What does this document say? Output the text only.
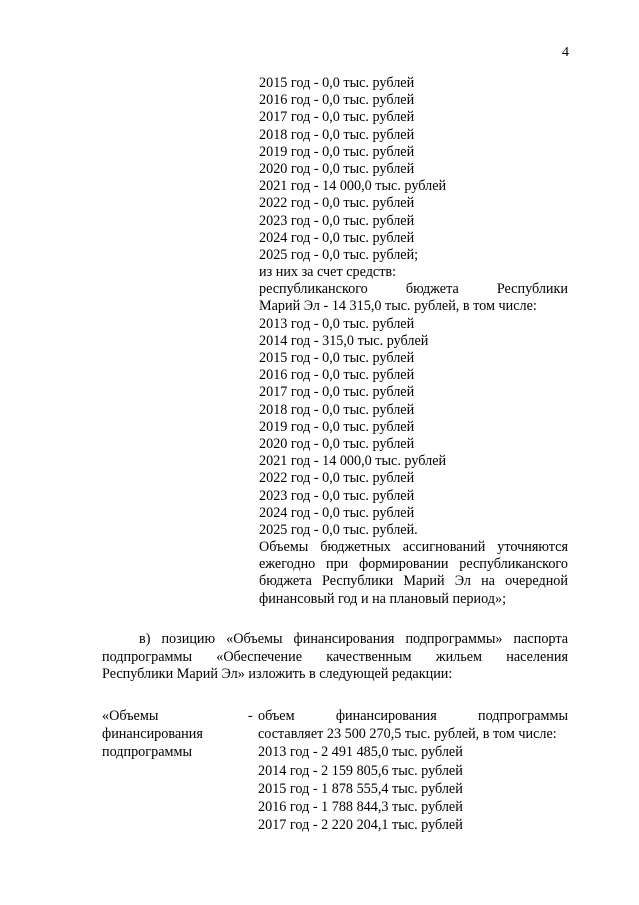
4
2015 год - 0,0 тыс. рублей
2016 год - 0,0 тыс. рублей
2017 год - 0,0 тыс. рублей
2018 год - 0,0 тыс. рублей
2019 год - 0,0 тыс. рублей
2020 год - 0,0 тыс. рублей
2021 год - 14 000,0 тыс. рублей
2022 год - 0,0 тыс. рублей
2023 год - 0,0 тыс. рублей
2024 год - 0,0 тыс. рублей
2025 год - 0,0 тыс. рублей;
из них за счет средств:
республиканского бюджета Республики
Марий Эл - 14 315,0 тыс. рублей, в том числе:
2013 год - 0,0 тыс. рублей
2014 год - 315,0 тыс. рублей
2015 год - 0,0 тыс. рублей
2016 год - 0,0 тыс. рублей
2017 год - 0,0 тыс. рублей
2018 год - 0,0 тыс. рублей
2019 год - 0,0 тыс. рублей
2020 год - 0,0 тыс. рублей
2021 год - 14 000,0 тыс. рублей
2022 год - 0,0 тыс. рублей
2023 год - 0,0 тыс. рублей
2024 год - 0,0 тыс. рублей
2025 год - 0,0 тыс. рублей.
Объемы бюджетных ассигнований уточняются
ежегодно при формировании республиканского
бюджета Республики Марий Эл на очередной
финансовый год и на плановый период»;
в) позицию «Объемы финансирования подпрограммы» паспорта
подпрограммы «Обеспечение качественным жильем населения
Республики Марий Эл» изложить в следующей редакции:
«Объемы
финансирования
подпрограммы
- объем финансирования подпрограммы
составляет 23 500 270,5 тыс. рублей, в том числе:
2013 год - 2 491 485,0 тыс. рублей
2014 год - 2 159 805,6 тыс. рублей
2015 год - 1 878 555,4 тыс. рублей
2016 год - 1 788 844,3 тыс. рублей
2017 год - 2 220 204,1 тыс. рублей
